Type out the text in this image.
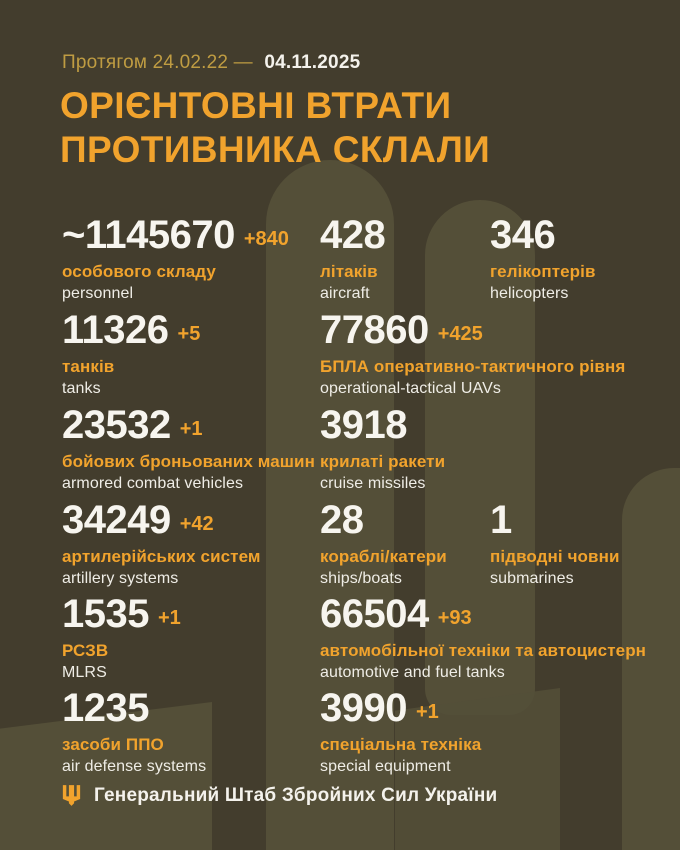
Протягом 24.02.22 — 04.11.2025
ОРІЄНТОВНІ ВТРАТИ
ПРОТИВНИКА СКЛАЛИ
~1145670 +840
особового складу
personnel
428
літаків
aircraft
346
гелікоптерів
helicopters
11326 +5
танків
tanks
77860 +425
БПЛА оперативно-тактичного рівня
operational-tactical UAVs
23532 +1
бойових броньованих машин
armored combat vehicles
3918
крилаті ракети
cruise missiles
34249 +42
артилерійських систем
artillery systems
28
кораблі/катери
ships/boats
1
підводні човни
submarines
1535 +1
РСЗВ
MLRS
66504 +93
автомобільної техніки та автоцистерн
automotive and fuel tanks
1235
засоби ППО
air defense systems
3990 +1
спеціальна техніка
special equipment
Генеральний Штаб Збройних Сил України
